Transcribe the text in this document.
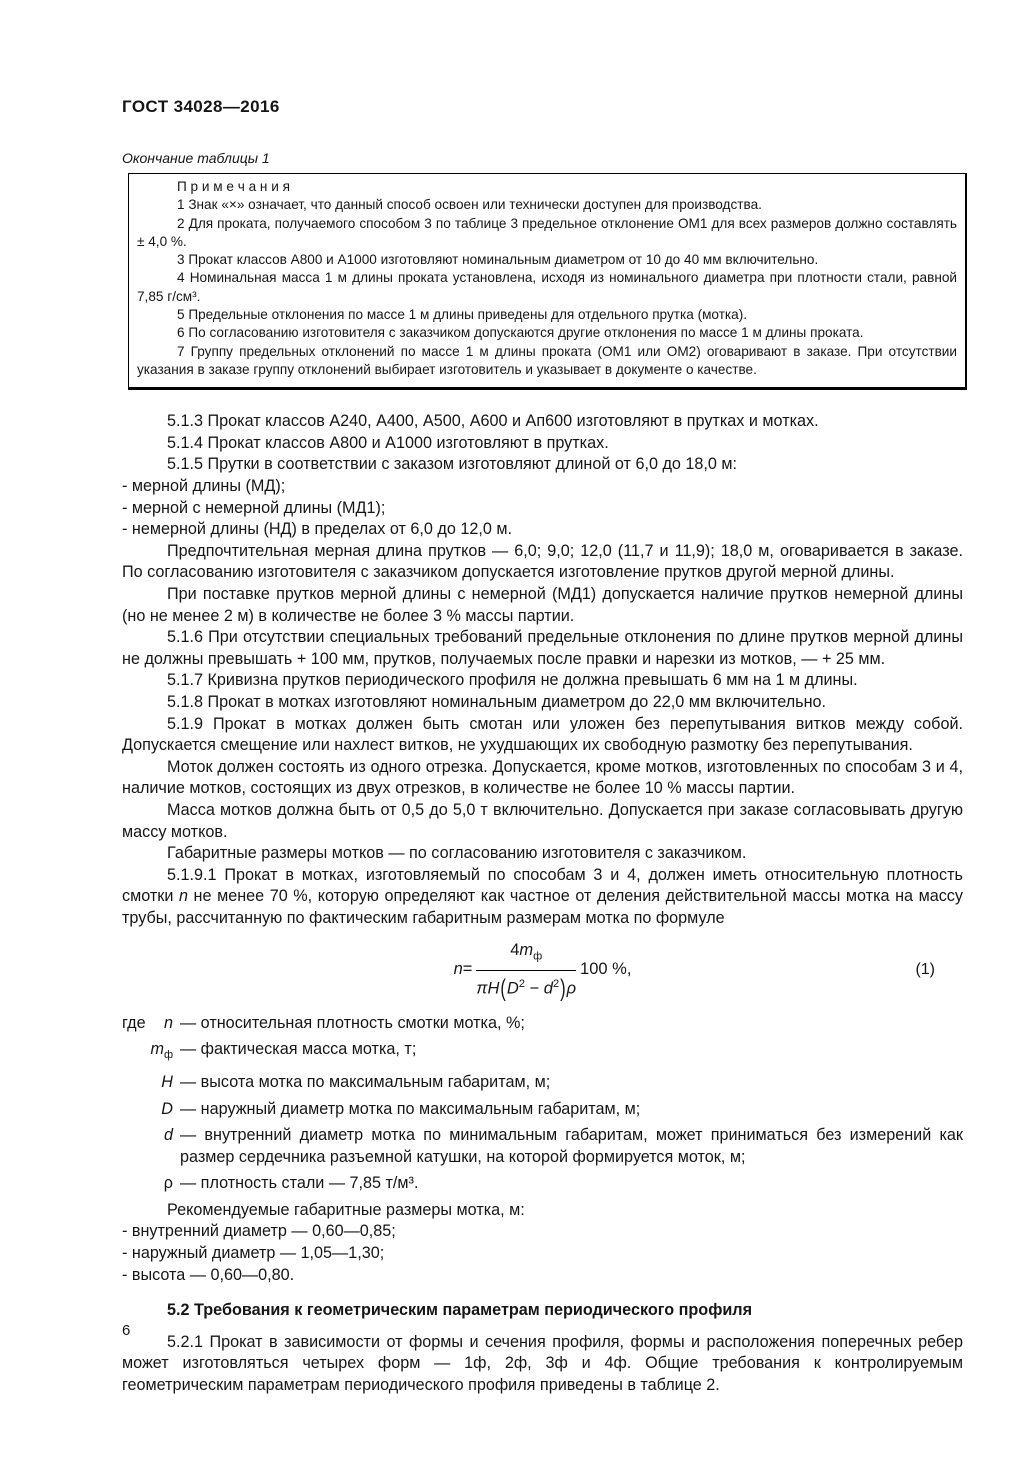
ГОСТ 34028—2016
Окончание таблицы 1

П р и м е ч а н и я

1 Знак «×» означает, что данный способ освоен или технически доступен для производства.

2 Для проката, получаемого способом 3 по таблице 3 предельное отклонение ОМ1 для всех размеров должно составлять ± 4,0 %.

3 Прокат классов А800 и А1000 изготовляют номинальным диаметром от 10 до 40 мм включительно.

4 Номинальная масса 1 м длины проката установлена, исходя из номинального диаметра при плотности стали, равной 7,85 г/см³.

5 Предельные отклонения по массе 1 м длины приведены для отдельного прутка (мотка).

6 По согласованию изготовителя с заказчиком допускаются другие отклонения по массе 1 м длины проката.

7 Группу предельных отклонений по массе 1 м длины проката (ОМ1 или ОМ2) оговаривают в заказе. При отсутствии указания в заказе группу отклонений выбирает изготовитель и указывает в документе о качестве.

5.1.3 Прокат классов А240, А400, А500, А600 и Ап600 изготовляют в прутках и мотках.

5.1.4 Прокат классов А800 и А1000 изготовляют в прутках.

5.1.5 Прутки в соответствии с заказом изготовляют длиной от 6,0 до 18,0 м:

- мерной длины (МД);

- мерной с немерной длины (МД1);

- немерной длины (НД) в пределах от 6,0 до 12,0 м.

Предпочтительная мерная длина прутков — 6,0; 9,0; 12,0 (11,7 и 11,9); 18,0 м, оговаривается в заказе. По согласованию изготовителя с заказчиком допускается изготовление прутков другой мерной длины.

При поставке прутков мерной длины с немерной (МД1) допускается наличие прутков немерной длины (но не менее 2 м) в количестве не более 3 % массы партии.

5.1.6 При отсутствии специальных требований предельные отклонения по длине прутков мерной длины не должны превышать + 100 мм, прутков, получаемых после правки и нарезки из мотков, — + 25 мм.

5.1.7 Кривизна прутков периодического профиля не должна превышать 6 мм на 1 м длины.

5.1.8 Прокат в мотках изготовляют номинальным диаметром до 22,0 мм включительно.

5.1.9 Прокат в мотках должен быть смотан или уложен без перепутывания витков между собой. Допускается смещение или нахлест витков, не ухудшающих их свободную размотку без перепутывания.

Моток должен состоять из одного отрезка. Допускается, кроме мотков, изготовленных по способам 3 и 4, наличие мотков, состоящих из двух отрезков, в количестве не более 10 % массы партии.

Масса мотков должна быть от 0,5 до 5,0 т включительно. Допускается при заказе согласовывать другую массу мотков.

Габаритные размеры мотков — по согласованию изготовителя с заказчиком.

5.1.9.1 Прокат в мотках, изготовляемый по способам 3 и 4, должен иметь относительную плотность смотки n не менее 70 %, которую определяют как частное от деления действительной массы мотка на массу трубы, рассчитанную по фактическим габаритным размерам мотка по формуле

$n = \frac{4m_ф}{\pi H(D^2 - d^2)\rho} 100$ %,	(1)
где	n — относительная плотность смотки мотка, %;
$m_ф$ — фактическая масса мотка, т;
H — высота мотка по максимальным габаритам, м;
D — наружный диаметр мотка по максимальным габаритам, м;
d — внутренний диаметр мотка по минимальным габаритам, может приниматься без измерений как размер сердечника разъемной катушки, на которой формируется моток, м;
ρ — плотность стали — 7,85 т/м³.

Рекомендуемые габаритные размеры мотка, м:

- внутренний диаметр — 0,60—0,85;

- наружный диаметр — 1,05—1,30;

- высота — 0,60—0,80.

5.2 Требования к геометрическим параметрам периодического профиля

5.2.1 Прокат в зависимости от формы и сечения профиля, формы и расположения поперечных ребер может изготовляться четырех форм — 1ф, 2ф, 3ф и 4ф. Общие требования к контролируемым геометрическим параметрам периодического профиля приведены в таблице 2.

6
